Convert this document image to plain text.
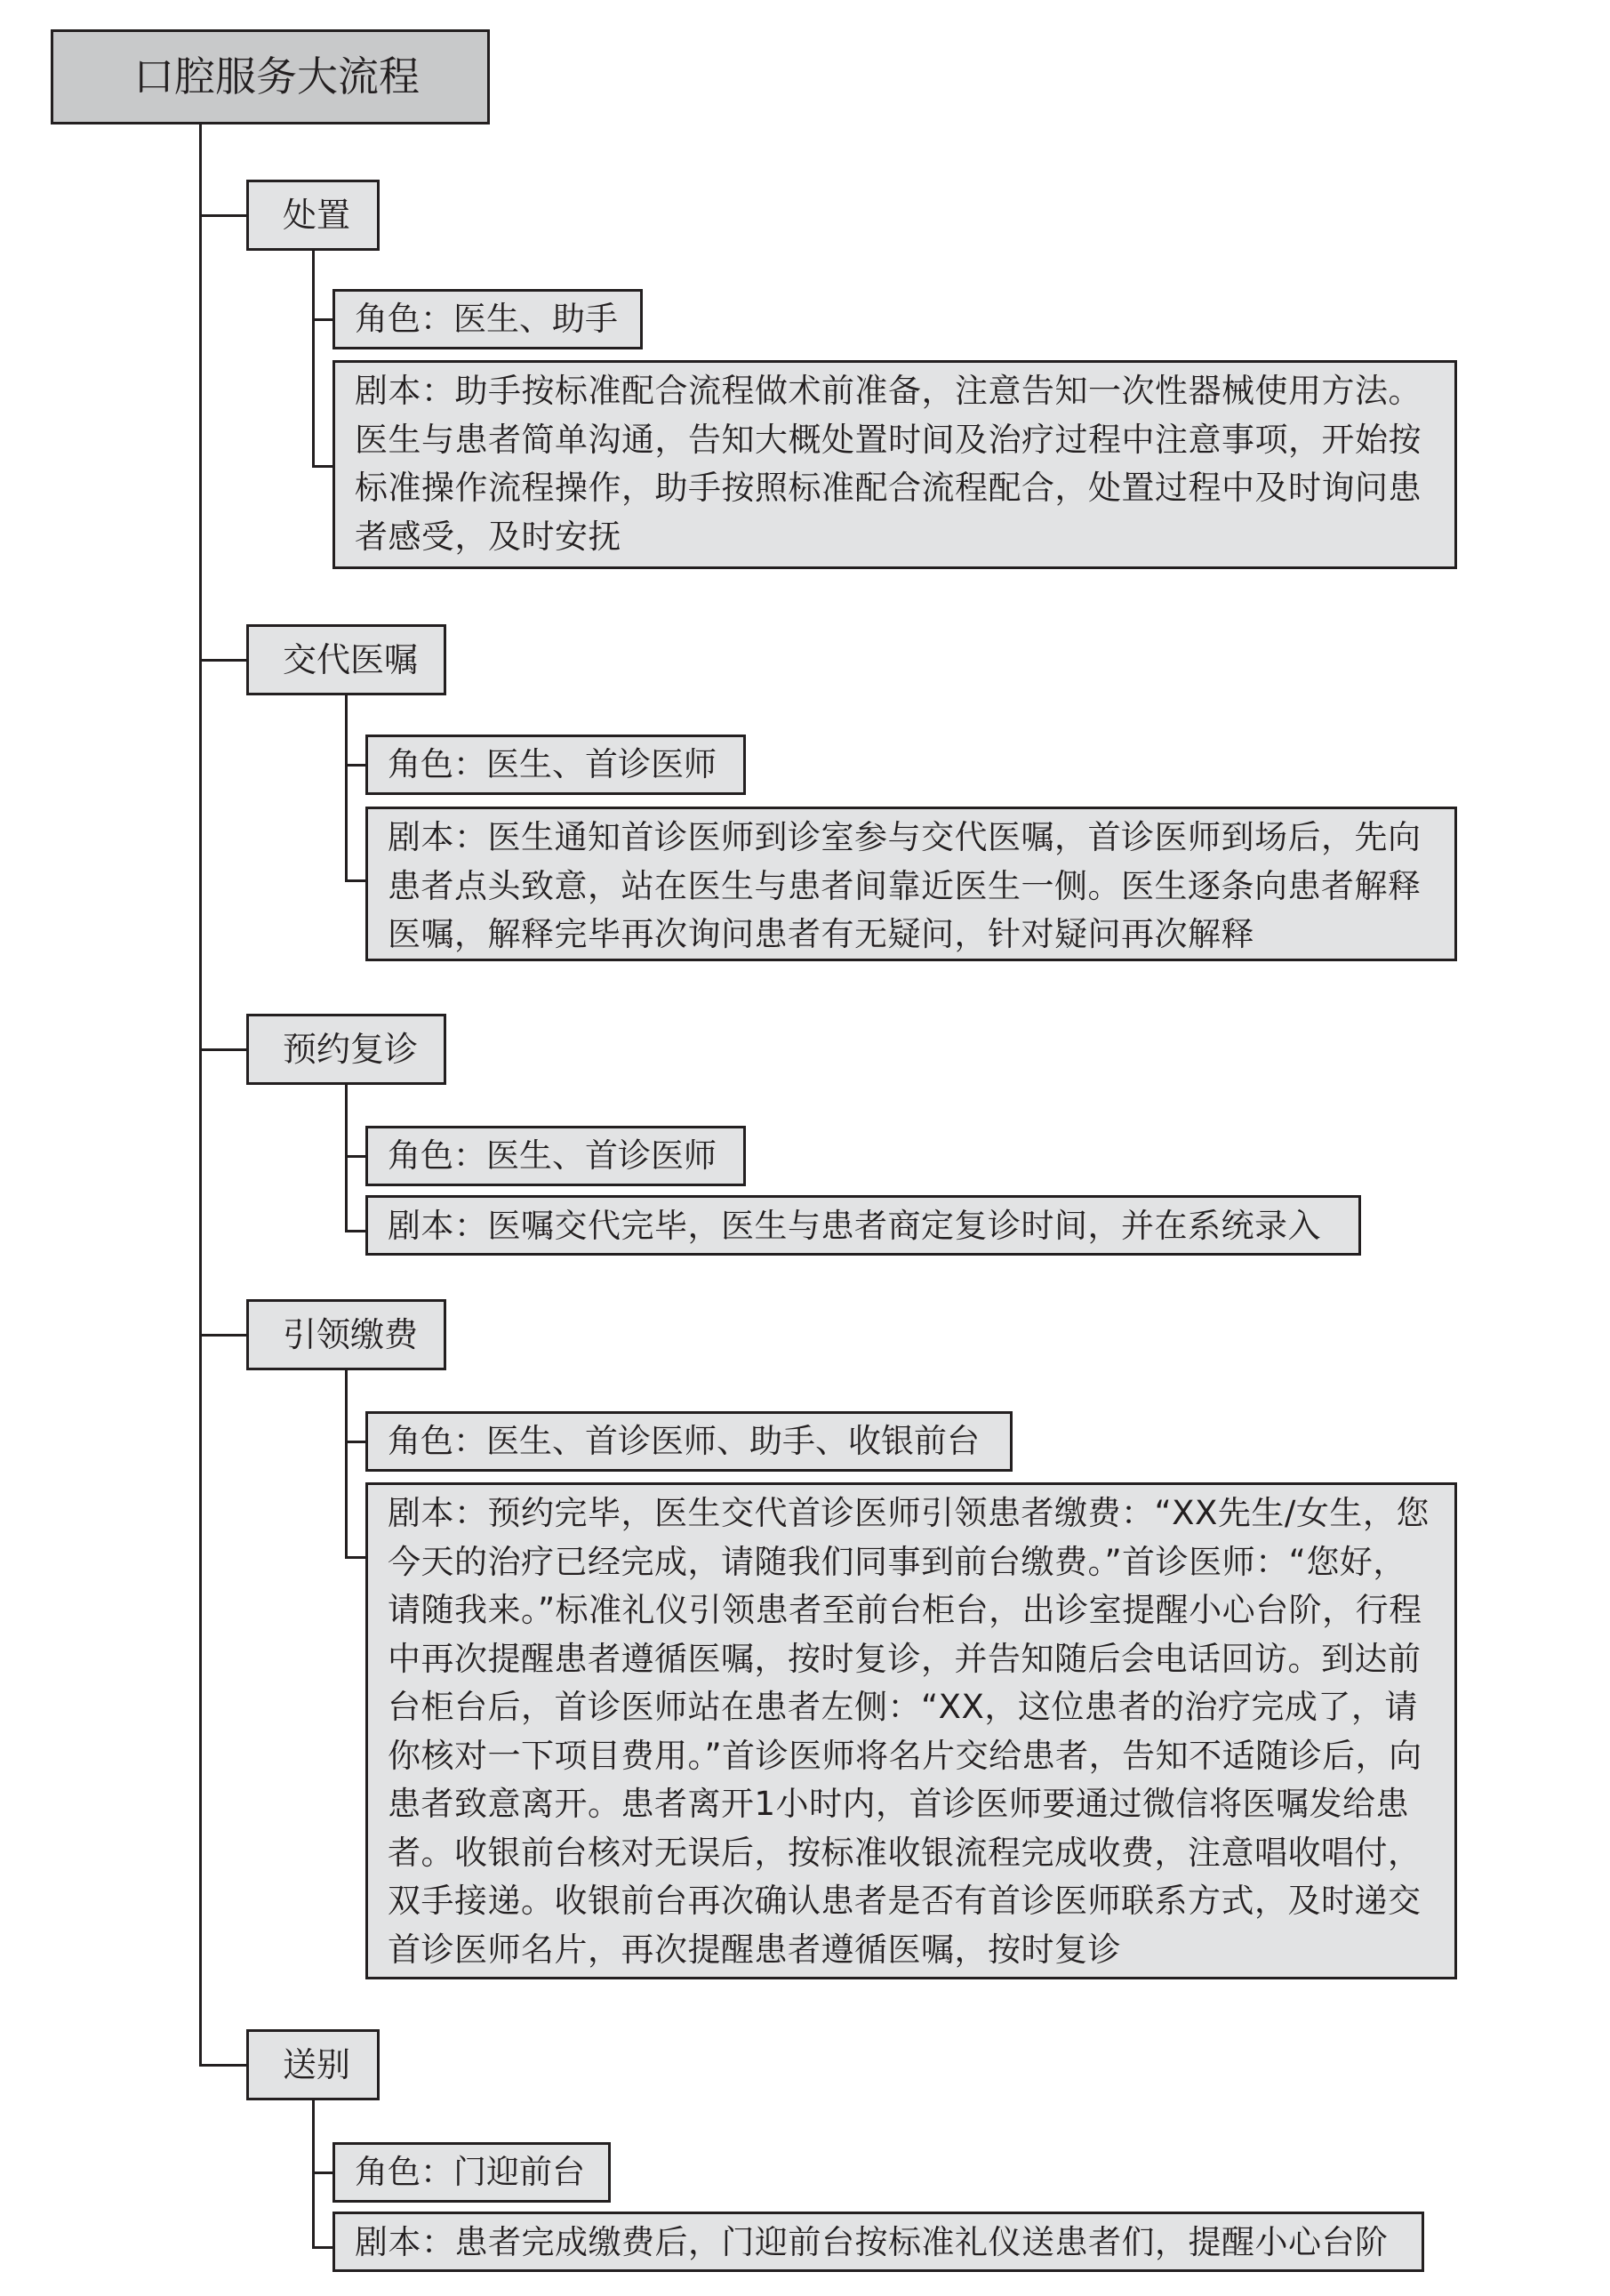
口腔服务大流程
处置
角色：医生、助手
剧本：助手按标准配合流程做术前准备，注意告知一次性器械使用方法。医生与患者简单沟通，告知大概处置时间及治疗过程中注意事项，开始按标准操作流程操作，助手按照标准配合流程配合，处置过程中及时询问患者感受，及时安抚
交代医嘱
角色：医生、首诊医师
剧本：医生通知首诊医师到诊室参与交代医嘱，首诊医师到场后，先向患者点头致意，站在医生与患者间靠近医生一侧。医生逐条向患者解释医嘱，解释完毕再次询问患者有无疑问，针对疑问再次解释
预约复诊
角色：医生、首诊医师
剧本：医嘱交代完毕，医生与患者商定复诊时间，并在系统录入
引领缴费
角色：医生、首诊医师、助手、收银前台
剧本：预约完毕，医生交代首诊医师引领患者缴费：“XX先生/女生，您今天的治疗已经完成，请随我们同事到前台缴费。”首诊医师：“您好，请随我来。”标准礼仪引领患者至前台柜台，出诊室提醒小心台阶，行程中再次提醒患者遵循医嘱，按时复诊，并告知随后会电话回访。到达前台柜台后，首诊医师站在患者左侧：“XX，这位患者的治疗完成了，请你核对一下项目费用。”首诊医师将名片交给患者，告知不适随诊后，向患者致意离开。患者离开1小时内，首诊医师要通过微信将医嘱发给患者。收银前台核对无误后，按标准收银流程完成收费，注意唱收唱付，双手接递。收银前台再次确认患者是否有首诊医师联系方式，及时递交首诊医师名片，再次提醒患者遵循医嘱，按时复诊
送别
角色：门迎前台
剧本：患者完成缴费后，门迎前台按标准礼仪送患者们，提醒小心台阶
